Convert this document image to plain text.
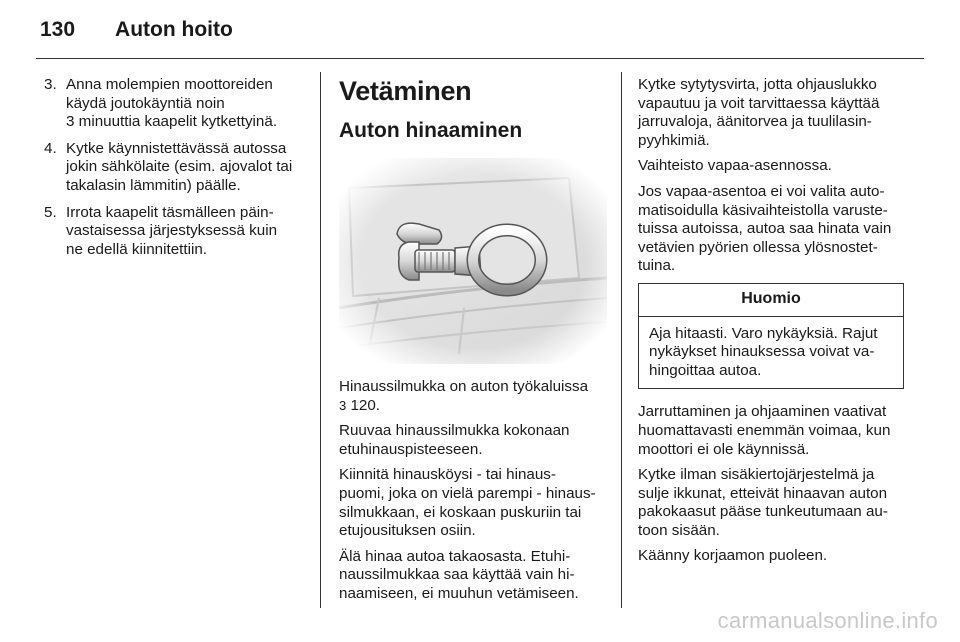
130 Auton hoito
3. Anna molempien moottoreiden
käydä joutokäyntiä noin
3 minuuttia kaapelit kytkettyinä.
4. Kytke käynnistettävässä autossa
jokin sähkölaite (esim. ajovalot tai
takalasin lämmitin) päälle.
5. Irrota kaapelit täsmälleen päin-
vastaisessa järjestyksessä kuin
ne edellä kiinnitettiin.
Vetäminen
Auton hinaaminen

Hinaussilmukka on auton työkaluissa
3 120.

Ruuvaa hinaussilmukka kokonaan
etuhinauspisteeseen.

Kiinnitä hinausköysi - tai hinaus-
puomi, joka on vielä parempi - hinaus-
silmukkaan, ei koskaan puskuriin tai
etujousituksen osiin.

Älä hinaa autoa takaosasta. Etuhi-
naussilmukkaa saa käyttää vain hi-
naamiseen, ei muuhun vetämiseen.

Kytke sytytysvirta, jotta ohjauslukko
vapautuu ja voit tarvittaessa käyttää
jarruvaloja, äänitorvea ja tuulilasin-
pyyhkimiä.

Vaihteisto vapaa-asennossa.

Jos vapaa-asentoa ei voi valita auto-
matisoidulla käsivaihteistolla varuste-
tuissa autoissa, autoa saa hinata vain
vetävien pyörien ollessa ylösnostet-
tuina.

Huomio
Aja hitaasti. Varo nykäyksiä. Rajut
nykäykset hinauksessa voivat va-
hingoittaa autoa.

Jarruttaminen ja ohjaaminen vaativat
huomattavasti enemmän voimaa, kun
moottori ei ole käynnissä.

Kytke ilman sisäkiertojärjestelmä ja
sulje ikkunat, etteivät hinaavan auton
pakokaasut pääse tunkeutumaan au-
toon sisään.

Käänny korjaamon puoleen.

carmanualsonline.info
